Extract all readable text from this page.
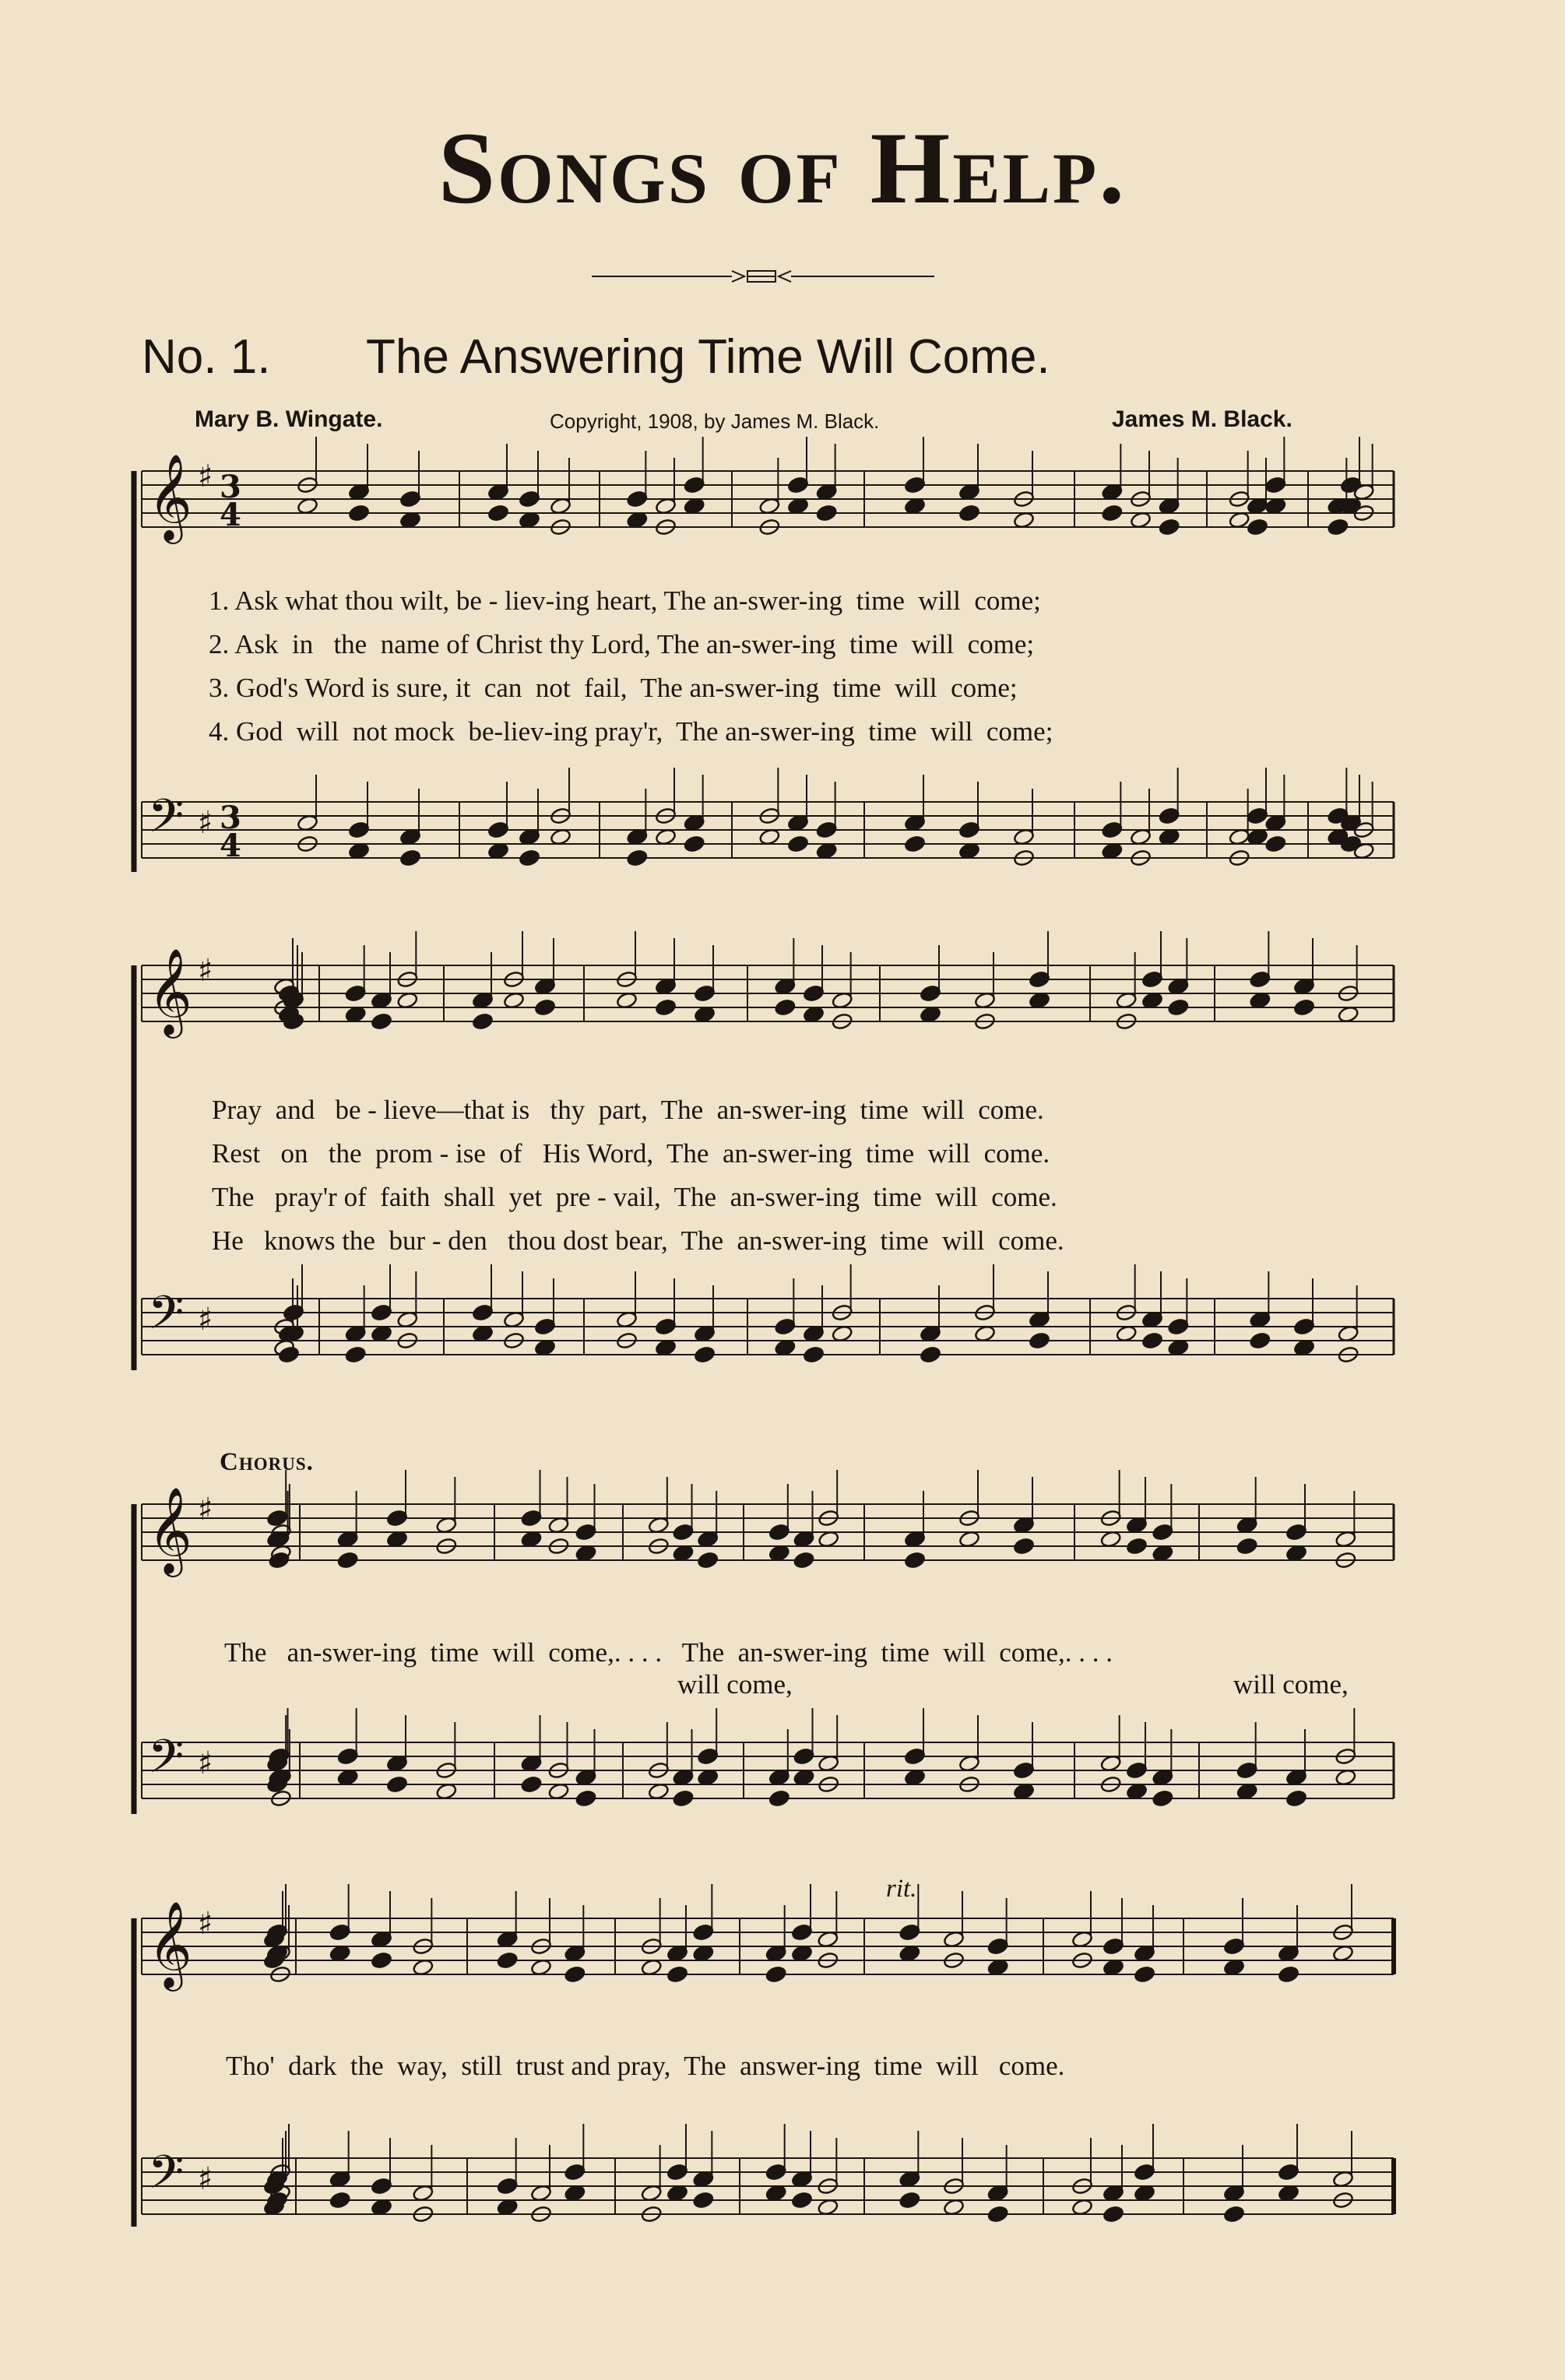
Songs of Help.
No. 1. The Answering Time Will Come.
Mary B. Wingate.	Copyright, 1908, by James M. Black.	James M. Black.
𝄞 ♯ 3
4
𝄢 ♯ 3
4
𝄞 ♯
𝄢 ♯
𝄞 ♯
𝄢 ♯
𝄞 ♯
𝄢 ♯
1. Ask what thou wilt, be - liev-ing heart, The an-swer-ing  time  will  come;
2. Ask  in   the  name of Christ thy Lord, The an-swer-ing  time  will  come;
3. God's Word is sure, it  can  not  fail,  The an-swer-ing  time  will  come;
4. God  will  not mock  be-liev-ing pray'r,  The an-swer-ing  time  will  come;
Pray  and   be - lieve—that is   thy  part,  The  an-swer-ing  time  will  come.
Rest   on   the  prom - ise  of   His Word,  The  an-swer-ing  time  will  come.
The   pray'r of  faith  shall  yet  pre - vail,  The  an-swer-ing  time  will  come.
He   knows the  bur - den   thou dost bear,  The  an-swer-ing  time  will  come.
Chorus.
The   an-swer-ing  time  will  come,. . . .   The  an-swer-ing  time  will  come,. . . .
will come,	will come,
rit.
Tho'  dark  the  way,  still  trust and pray,  The  answer-ing  time  will   come.
